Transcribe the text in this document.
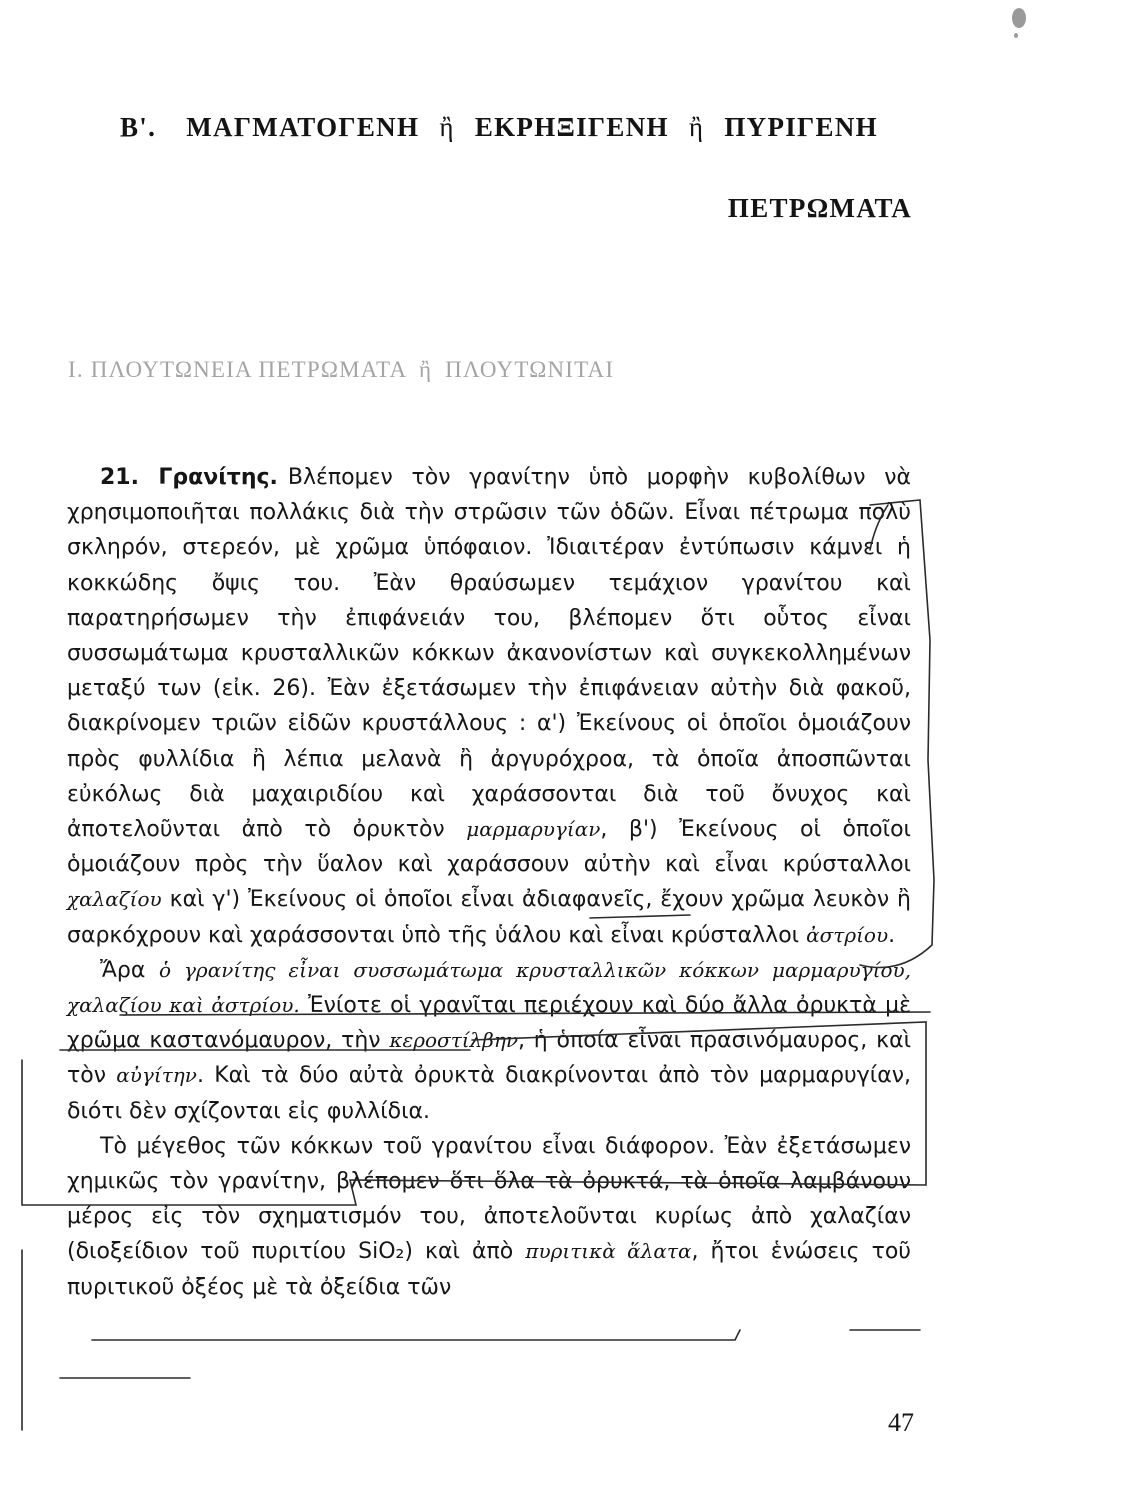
Β'. ΜΑΓΜΑΤΟΓΕΝΗ ἢ ΕΚΡΗΞΙΓΕΝΗ ἢ ΠΥΡΙΓΕΝΗ
ΠΕΤΡΩΜΑΤΑ
Ι. ΠΛΟΥΤΩΝΕΙΑ ΠΕΤΡΩΜΑΤΑ ἢ ΠΛΟΥΤΩΝΙΤΑΙ

21. Γρανίτης. Βλέπομεν τὸν γρανίτην ὑπὸ μορφὴν κυβολίθων νὰ χρησιμοποιῆται πολλάκις διὰ τὴν στρῶσιν τῶν ὁδῶν. Εἶναι πέτρωμα πολὺ σκληρόν, στερεόν, μὲ χρῶμα ὑπόφαιον. Ἰδιαιτέραν ἐντύπωσιν κάμνει ἡ κοκκώδης ὄψις του. Ἐὰν θραύσωμεν τεμάχιον γρανίτου καὶ παρατηρήσωμεν τὴν ἐπιφάνειάν του, βλέπομεν ὅτι οὗτος εἶναι συσσωμάτωμα κρυσταλλικῶν κόκκων ἀκανονίστων καὶ συγκεκολλημένων μεταξύ των (εἰκ. 26). Ἐὰν ἐξετάσωμεν τὴν ἐπιφάνειαν αὐτὴν διὰ φακοῦ, διακρίνομεν τριῶν εἰδῶν κρυστάλλους : α') Ἐκείνους οἱ ὁποῖοι ὁμοιάζουν πρὸς φυλλίδια ἢ λέπια μελανὰ ἢ ἀργυρόχροα, τὰ ὁποῖα ἀποσπῶνται εὐκόλως διὰ μαχαιριδίου καὶ χαράσσονται διὰ τοῦ ὄνυχος καὶ ἀποτελοῦνται ἀπὸ τὸ ὀρυκτὸν μαρμαρυγίαν, β') Ἐκείνους οἱ ὁποῖοι ὁμοιάζουν πρὸς τὴν ὕαλον καὶ χαράσσουν αὐτὴν καὶ εἶναι κρύσταλλοι χαλαζίου καὶ γ') Ἐκείνους οἱ ὁποῖοι εἶναι ἀδιαφανεῖς, ἔχουν χρῶμα λευκὸν ἢ σαρκόχρουν καὶ χαράσσονται ὑπὸ τῆς ὑάλου καὶ εἶναι κρύσταλλοι ἀστρίου.

Ἄρα ὁ γρανίτης εἶναι συσσωμάτωμα κρυσταλλικῶν κόκκων μαρμαρυγίου, χαλαζίου καὶ ἀστρίου. Ἐνίοτε οἱ γρανῖται περιέχουν καὶ δύο ἄλλα ὀρυκτὰ μὲ χρῶμα καστανόμαυρον, τὴν κεροστίλβην, ἡ ὁποία εἶναι πρασινόμαυρος, καὶ τὸν αὐγίτην. Καὶ τὰ δύο αὐτὰ ὀρυκτὰ διακρίνονται ἀπὸ τὸν μαρμαρυγίαν, διότι δὲν σχίζονται εἰς φυλλίδια.

Τὸ μέγεθος τῶν κόκκων τοῦ γρανίτου εἶναι διάφορον. Ἐὰν ἐξετάσωμεν χημικῶς τὸν γρανίτην, βλέπομεν ὅτι ὅλα τὰ ὀρυκτά, τὰ ὁποῖα λαμβάνουν μέρος εἰς τὸν σχηματισμόν του, ἀποτελοῦνται κυρίως ἀπὸ χαλαζίαν (διοξείδιον τοῦ πυριτίου SiO₂) καὶ ἀπὸ πυριτικὰ ἅλατα, ἤτοι ἑνώσεις τοῦ πυριτικοῦ ὀξέος μὲ τὰ ὀξείδια τῶν

47
